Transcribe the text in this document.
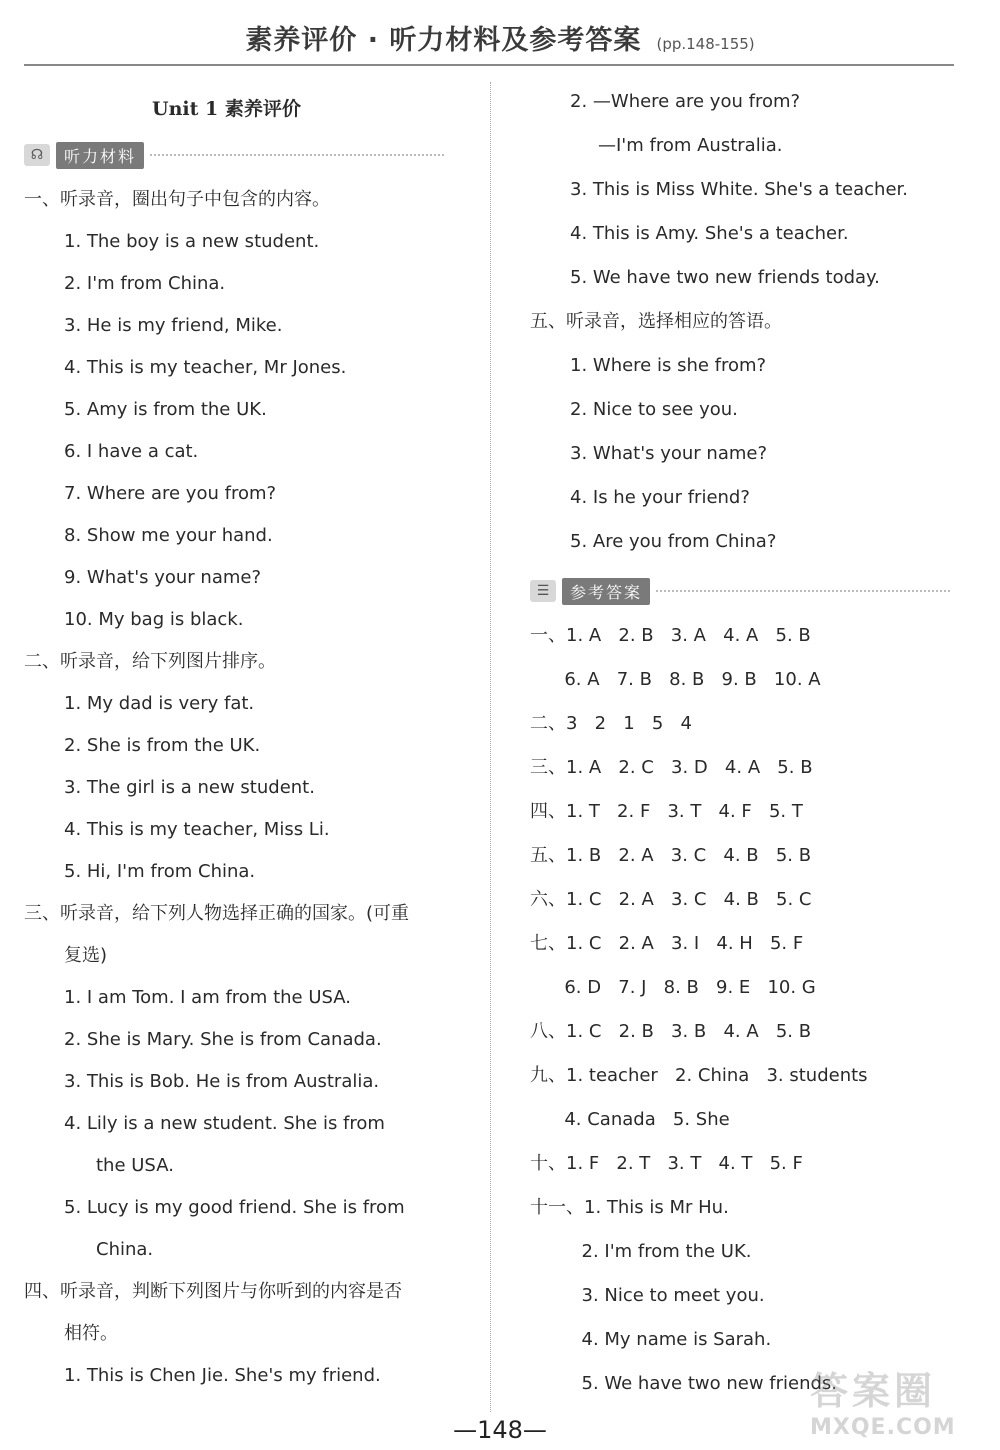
素养评价 · 听力材料及参考答案 (pp.148-155)
Unit 1 素养评价
☊	听力材料
一、听录音，圈出句子中包含的内容。
1. The boy is a new student.
2. I'm from China.
3. He is my friend, Mike.
4. This is my teacher, Mr Jones.
5. Amy is from the UK.
6. I have a cat.
7. Where are you from?
8. Show me your hand.
9. What's your name?
10. My bag is black.
二、听录音，给下列图片排序。
1. My dad is very fat.
2. She is from the UK.
3. The girl is a new student.
4. This is my teacher, Miss Li.
5. Hi, I'm from China.
三、听录音，给下列人物选择正确的国家。(可重
复选)
1. I am Tom. I am from the USA.
2. She is Mary. She is from Canada.
3. This is Bob. He is from Australia.
4. Lily is a new student. She is from
the USA.
5. Lucy is my good friend. She is from
China.
四、听录音，判断下列图片与你听到的内容是否
相符。
1. This is Chen Jie. She's my friend.
2. —Where are you from?
—I'm from Australia.
3. This is Miss White. She's a teacher.
4. This is Amy. She's a teacher.
5. We have two new friends today.
五、听录音，选择相应的答语。
1. Where is she from?
2. Nice to see you.
3. What's your name?
4. Is he your friend?
5. Are you from China?
☰	参考答案
一、1. A   2. B   3. A   4. A   5. B
6. A   7. B   8. B   9. B   10. A
二、3   2   1   5   4
三、1. A   2. C   3. D   4. A   5. B
四、1. T   2. F   3. T   4. F   5. T
五、1. B   2. A   3. C   4. B   5. B
六、1. C   2. A   3. C   4. B   5. C
七、1. C   2. A   3. I   4. H   5. F
6. D   7. J   8. B   9. E   10. G
八、1. C   2. B   3. B   4. A   5. B
九、1. teacher   2. China   3. students
4. Canada   5. She
十、1. F   2. T   3. T   4. T   5. F
十一、1. This is Mr Hu.
2. I'm from the UK.
3. Nice to meet you.
4. My name is Sarah.
5. We have two new friends.
答案圈
MXQE.COM
—148—
